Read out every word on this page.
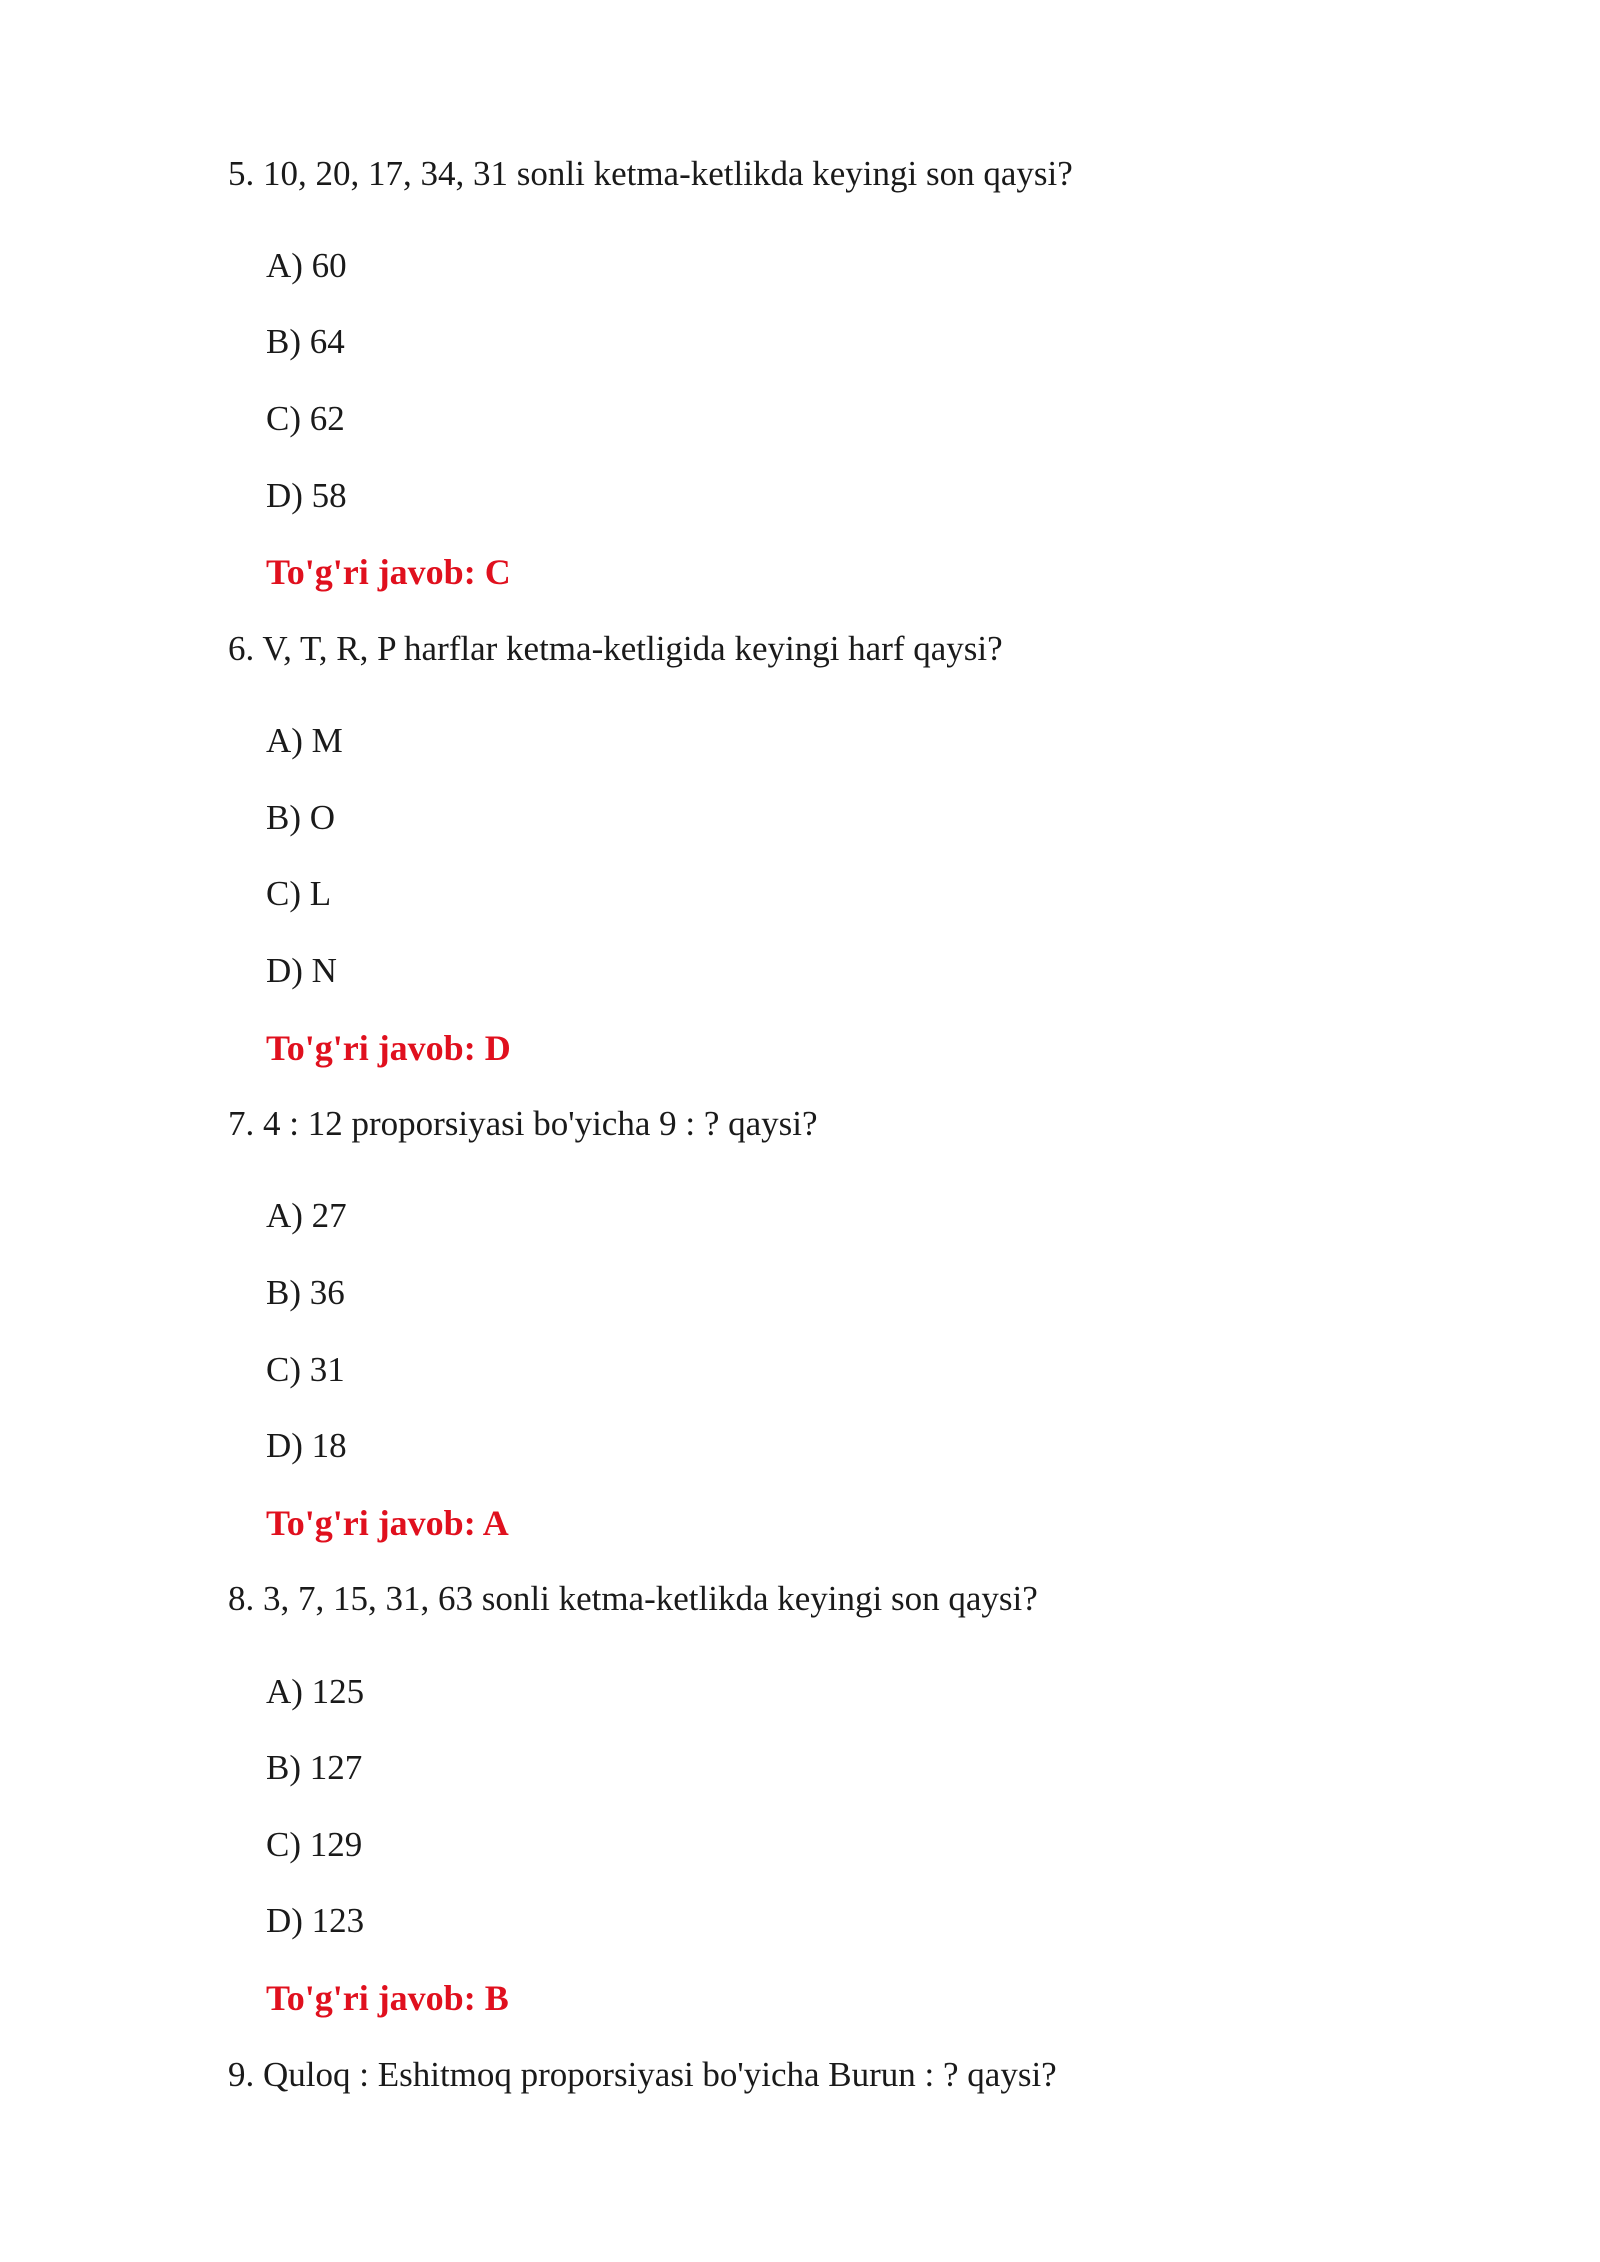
5. 10, 20, 17, 34, 31 sonli ketma-ketlikda keyingi son qaysi?

A) 60

B) 64

C) 62

D) 58

To'g'ri javob: C

6. V, T, R, P harflar ketma-ketligida keyingi harf qaysi?

A) M

B) O

C) L

D) N

To'g'ri javob: D

7. 4 : 12 proporsiyasi bo'yicha 9 : ? qaysi?

A) 27

B) 36

C) 31

D) 18

To'g'ri javob: A

8. 3, 7, 15, 31, 63 sonli ketma-ketlikda keyingi son qaysi?

A) 125

B) 127

C) 129

D) 123

To'g'ri javob: B

9. Quloq : Eshitmoq proporsiyasi bo'yicha Burun : ? qaysi?
